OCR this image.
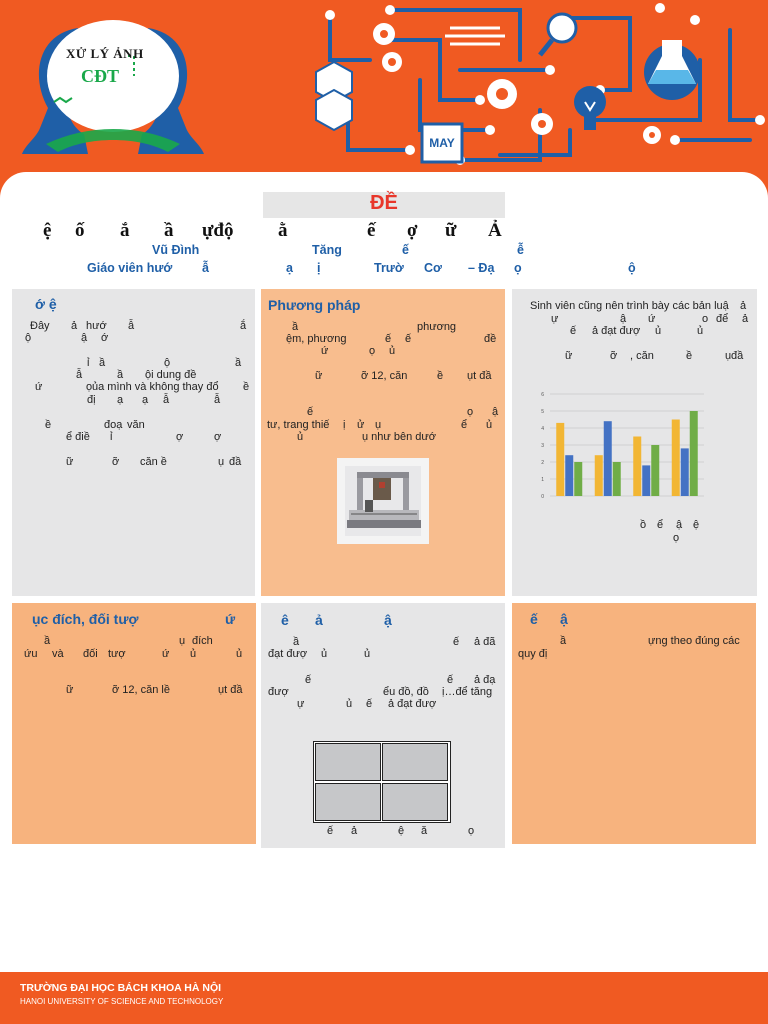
XỬ LÝ ẢNH
CĐT
MAY
ĐỀ
ệ ố ắ ầ ựđộ ằ	ế ợ ữ Ả
Vũ Đình	Tăng	ế	ễ
Giáo viên hướ ẫ	ạ ị	Trườ Cơ – Đạ ọ	ộ
ớ ệ
Đây ả hướ ẫ	ắ
ộ	ậ ớ
ỉ ầ	ộ	ầ
ẫ	ầ ội dung đề
ứ	ọ ủa mình và không thay đổ ề
đị ạ ạ ẫ	ẫ
ề	đoạ văn
ể điề ỉ	ợ	ợ
ữ	ỡ căn ề	ụ đầ
Phương pháp
ầ	phương
ệm, phương	ế ế	đề
ứ	ọ ủ
ữ	ỡ 12, căn	ề ụt đầ
ế	ọ ậ
tư, trang thiế ị ử ụ	ể ủ
ủ	ụ như bên dướ
Sinh viên cũng nên trình bày các bản luậ ả
ự	ậ ứ	o để ả
ế ả đạt đượ ủ	ủ
ữ	ỡ , căn	ề	ụ đầ
0
1
2
3
4
5
6
ồ ể ậ ệ
ọ
ục đích, đối tượ	ứ
ầ	ụ đích
ứu và đối tượ	ứ ủ	ủ
ữ	ỡ 12, căn lề	ụt đầ
ê ả	ậ
ầ	ế ả đã
đạt đượ ủ	ủ
ế	ế ả đạ
đượ	ểu đồ, đồ ị…để tăng
ự	ủ ế ả đạt đượ
ế ả	ệ ă	ọ
ế ậ
ầ	ựng theo đúng các
quy đị
TRƯỜNG ĐẠI HỌC BÁCH KHOA HÀ NỘI
HANOI UNIVERSITY OF SCIENCE AND TECHNOLOGY
